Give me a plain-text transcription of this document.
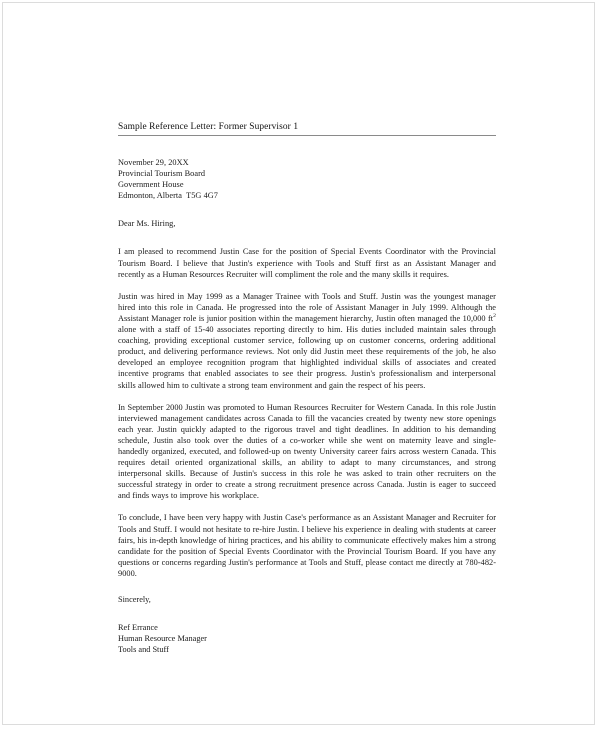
Sample Reference Letter: Former Supervisor 1
November 29, 20XX
Provincial Tourism Board
Government House
Edmonton, Alberta  T5G 4G7
Dear Ms. Hiring,

I am pleased to recommend Justin Case for the position of Special Events Coordinator with the Provincial Tourism Board. I believe that Justin's experience with Tools and Stuff first as an Assistant Manager and recently as a Human Resources Recruiter will compliment the role and the many skills it requires.

Justin was hired in May 1999 as a Manager Trainee with Tools and Stuff. Justin was the youngest manager hired into this role in Canada. He progressed into the role of Assistant Manager in July 1999. Although the Assistant Manager role is junior position within the management hierarchy, Justin often managed the 10,000 $ft^2$ alone with a staff of 15-40 associates reporting directly to him. His duties included maintain sales through coaching, providing exceptional customer service, following up on customer concerns, ordering additional product, and delivering performance reviews. Not only did Justin meet these requirements of the job, he also developed an employee recognition program that highlighted individual skills of associates and created incentive programs that enabled associates to see their progress. Justin's professionalism and interpersonal skills allowed him to cultivate a strong team environment and gain the respect of his peers.

In September 2000 Justin was promoted to Human Resources Recruiter for Western Canada. In this role Justin interviewed management candidates across Canada to fill the vacancies created by twenty new store openings each year. Justin quickly adapted to the rigorous travel and tight deadlines. In addition to his demanding schedule, Justin also took over the duties of a co-worker while she went on maternity leave and single-handedly organized, executed, and followed-up on twenty University career fairs across western Canada. This requires detail oriented organizational skills, an ability to adapt to many circumstances, and strong interpersonal skills. Because of Justin's success in this role he was asked to train other recruiters on the successful strategy in order to create a strong recruitment presence across Canada. Justin is eager to succeed and finds ways to improve his workplace.

To conclude, I have been very happy with Justin Case's performance as an Assistant Manager and Recruiter for Tools and Stuff. I would not hesitate to re-hire Justin. I believe his experience in dealing with students at career fairs, his in-depth knowledge of hiring practices, and his ability to communicate effectively makes him a strong candidate for the position of Special Events Coordinator with the Provincial Tourism Board. If you have any questions or concerns regarding Justin's performance at Tools and Stuff, please contact me directly at 780-482-9000.

Sincerely,
Ref Errance
Human Resource Manager
Tools and Stuff
